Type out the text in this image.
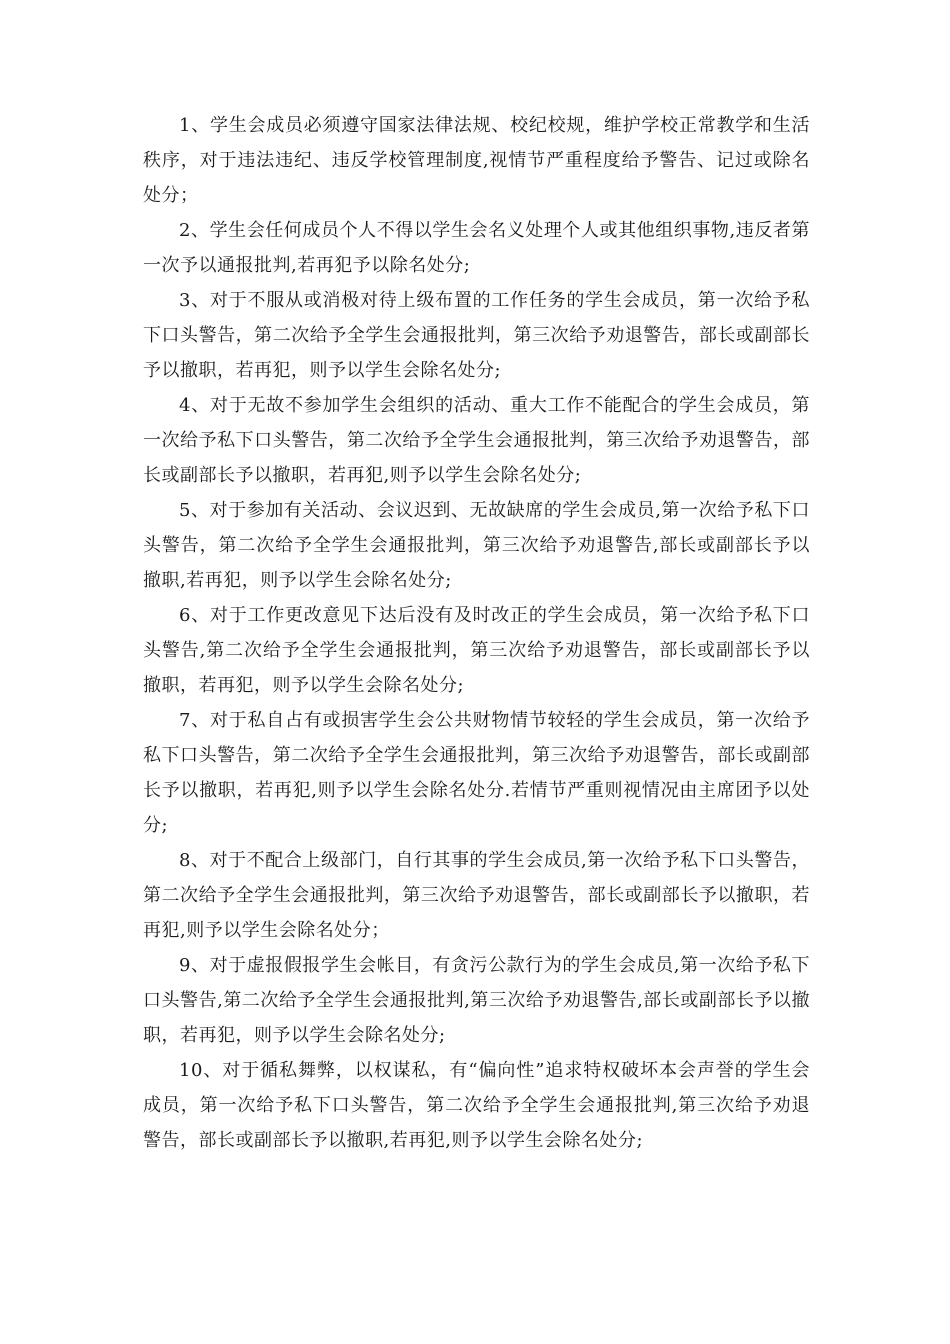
1、学生会成员必须遵守国家法律法规、校纪校规，维护学校正常教学和生活秩序，对于违法违纪、违反学校管理制度,视情节严重程度给予警告、记过或除名处分；

2、学生会任何成员个人不得以学生会名义处理个人或其他组织事物,违反者第一次予以通报批判,若再犯予以除名处分;

3、对于不服从或消极对待上级布置的工作任务的学生会成员，第一次给予私下口头警告，第二次给予全学生会通报批判，第三次给予劝退警告，部长或副部长予以撤职，若再犯，则予以学生会除名处分;

4、对于无故不参加学生会组织的活动、重大工作不能配合的学生会成员，第一次给予私下口头警告，第二次给予全学生会通报批判，第三次给予劝退警告，部长或副部长予以撤职，若再犯,则予以学生会除名处分;

5、对于参加有关活动、会议迟到、无故缺席的学生会成员,第一次给予私下口头警告，第二次给予全学生会通报批判，第三次给予劝退警告,部长或副部长予以撤职,若再犯，则予以学生会除名处分;

6、对于工作更改意见下达后没有及时改正的学生会成员，第一次给予私下口头警告,第二次给予全学生会通报批判，第三次给予劝退警告，部长或副部长予以撤职，若再犯，则予以学生会除名处分;

7、对于私自占有或损害学生会公共财物情节较轻的学生会成员，第一次给予私下口头警告，第二次给予全学生会通报批判，第三次给予劝退警告，部长或副部长予以撤职，若再犯,则予以学生会除名处分.若情节严重则视情况由主席团予以处分;

8、对于不配合上级部门，自行其事的学生会成员,第一次给予私下口头警告，第二次给予全学生会通报批判，第三次给予劝退警告，部长或副部长予以撤职，若再犯,则予以学生会除名处分；

9、对于虚报假报学生会帐目，有贪污公款行为的学生会成员,第一次给予私下口头警告,第二次给予全学生会通报批判,第三次给予劝退警告,部长或副部长予以撤职，若再犯，则予以学生会除名处分;

10、对于循私舞弊，以权谋私，有“偏向性”追求特权破坏本会声誉的学生会成员，第一次给予私下口头警告，第二次给予全学生会通报批判,第三次给予劝退警告，部长或副部长予以撤职,若再犯,则予以学生会除名处分;
